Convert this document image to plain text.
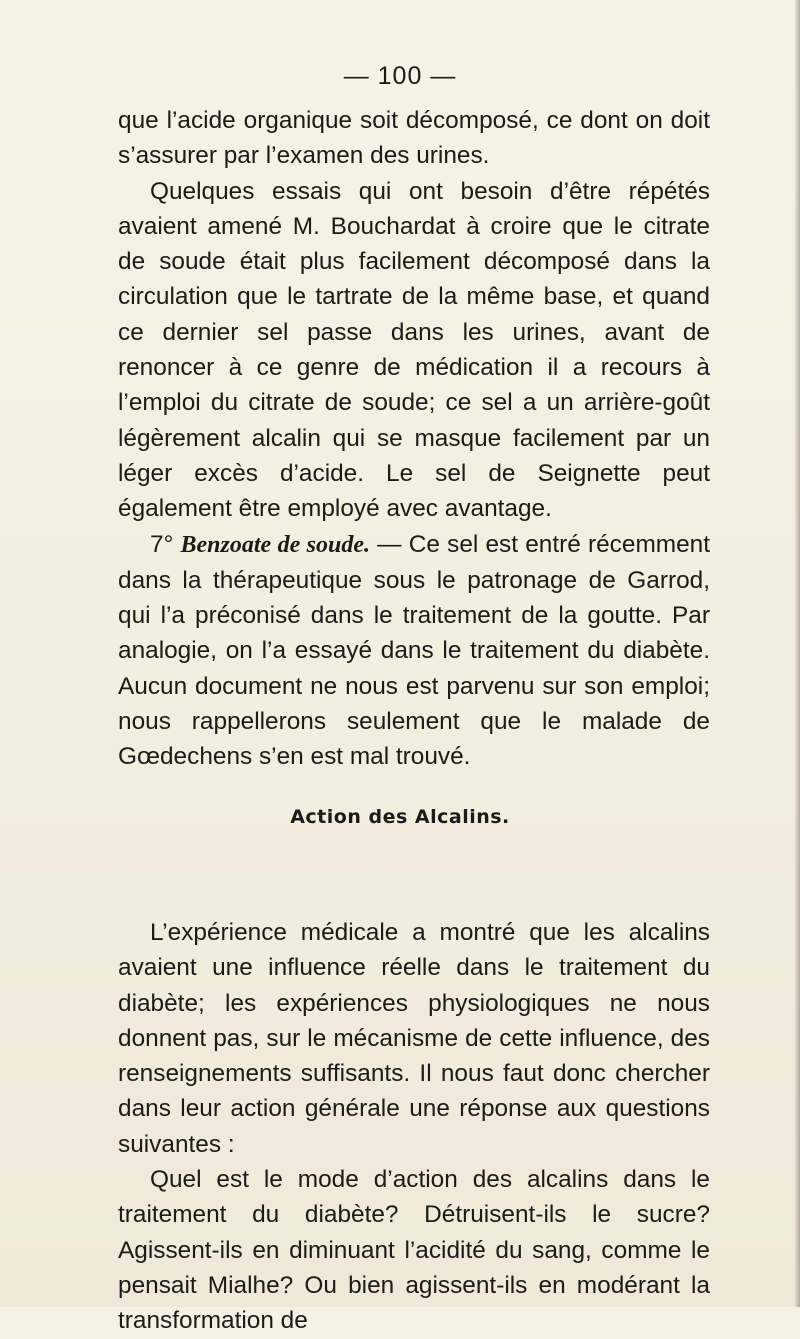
— 100 —

que l’acide organique soit décomposé, ce dont on doit s’assurer par l’examen des urines.

Quelques essais qui ont besoin d’être répétés avaient amené M. Bouchardat à croire que le citrate de soude était plus facilement décomposé dans la circulation que le tartrate de la même base, et quand ce dernier sel passe dans les urines, avant de renoncer à ce genre de médication il a recours à l’emploi du citrate de soude; ce sel a un arrière-goût légèrement alcalin qui se masque facilement par un léger excès d’acide. Le sel de Seignette peut également être employé avec avantage.

7° Benzoate de soude. — Ce sel est entré récemment dans la thérapeutique sous le patronage de Garrod, qui l’a préconisé dans le traitement de la goutte. Par analogie, on l’a essayé dans le traitement du diabète. Aucun document ne nous est parvenu sur son emploi; nous rappellerons seulement que le malade de Gœdechens s’en est mal trouvé.

Action des Alcalins.

L’expérience médicale a montré que les alcalins avaient une influence réelle dans le traitement du diabète; les expériences physiologiques ne nous donnent pas, sur le mécanisme de cette influence, des renseignements suffisants. Il nous faut donc chercher dans leur action générale une réponse aux questions suivantes :

Quel est le mode d’action des alcalins dans le traitement du diabète? Détruisent-ils le sucre? Agissent-ils en diminuant l’acidité du sang, comme le pensait Mialhe? Ou bien agissent-ils en modérant la transformation de
